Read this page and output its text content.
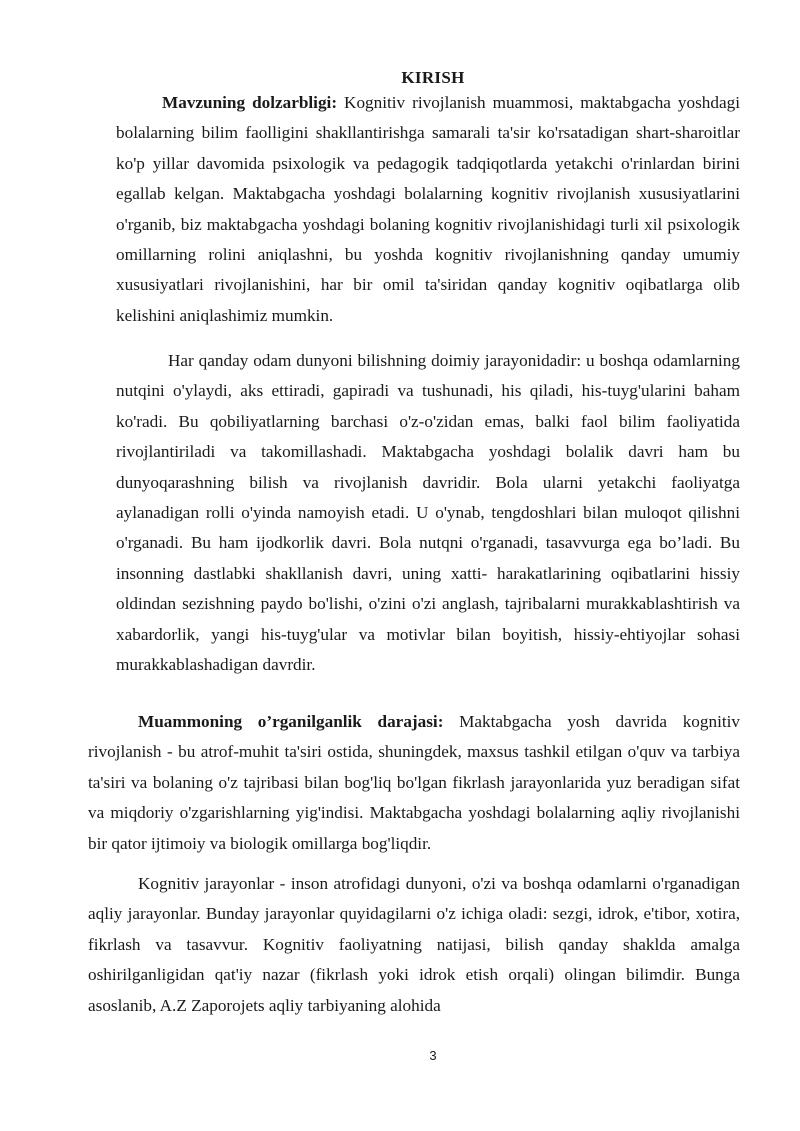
KIRISH

Mavzuning dolzarbligi: Kognitiv rivojlanish muammosi, maktabgacha yoshdagi bolalarning bilim faolligini shakllantirishga samarali ta'sir ko'rsatadigan shart-sharoitlar ko'p yillar davomida psixologik va pedagogik tadqiqotlarda yetakchi o'rinlardan birini egallab kelgan. Maktabgacha yoshdagi bolalarning kognitiv rivojlanish xususiyatlarini o'rganib, biz maktabgacha yoshdagi bolaning kognitiv rivojlanishidagi turli xil psixologik omillarning rolini aniqlashni, bu yoshda kognitiv rivojlanishning qanday umumiy xususiyatlari rivojlanishini, har bir omil ta'siridan qanday kognitiv oqibatlarga olib kelishini aniqlashimiz mumkin.

Har qanday odam dunyoni bilishning doimiy jarayonidadir: u boshqa odamlarning nutqini o'ylaydi, aks ettiradi, gapiradi va tushunadi, his qiladi, his-tuyg'ularini baham ko'radi. Bu qobiliyatlarning barchasi o'z-o'zidan emas, balki faol bilim faoliyatida rivojlantiriladi va takomillashadi. Maktabgacha yoshdagi bolalik davri ham bu dunyoqarashning bilish va rivojlanish davridir. Bola ularni yetakchi faoliyatga aylanadigan rolli o'yinda namoyish etadi. U o'ynab, tengdoshlari bilan muloqot qilishni o'rganadi. Bu ham ijodkorlik davri. Bola nutqni o'rganadi, tasavvurga ega bo’ladi. Bu insonning dastlabki shakllanish davri, uning xatti- harakatlarining oqibatlarini hissiy oldindan sezishning paydo bo'lishi, o'zini o'zi anglash, tajribalarni murakkablashtirish va xabardorlik, yangi his-tuyg'ular va motivlar bilan boyitish, hissiy-ehtiyojlar sohasi murakkablashadigan davrdir.

Muammoning o’rganilganlik darajasi: Maktabgacha yosh davrida kognitiv rivojlanish - bu atrof-muhit ta'siri ostida, shuningdek, maxsus tashkil etilgan o'quv va tarbiya ta'siri va bolaning o'z tajribasi bilan bog'liq bo'lgan fikrlash jarayonlarida yuz beradigan sifat va miqdoriy o'zgarishlarning yig'indisi. Maktabgacha yoshdagi bolalarning aqliy rivojlanishi bir qator ijtimoiy va biologik omillarga bog'liqdir.

Kognitiv jarayonlar - inson atrofidagi dunyoni, o'zi va boshqa odamlarni o'rganadigan aqliy jarayonlar. Bunday jarayonlar quyidagilarni o'z ichiga oladi: sezgi, idrok, e'tibor, xotira, fikrlash va tasavvur. Kognitiv faoliyatning natijasi, bilish qanday shaklda amalga oshirilganligidan qat'iy nazar (fikrlash yoki idrok etish orqali) olingan bilimdir. Bunga asoslanib, A.Z Zaporojets aqliy tarbiyaning alohida

3
